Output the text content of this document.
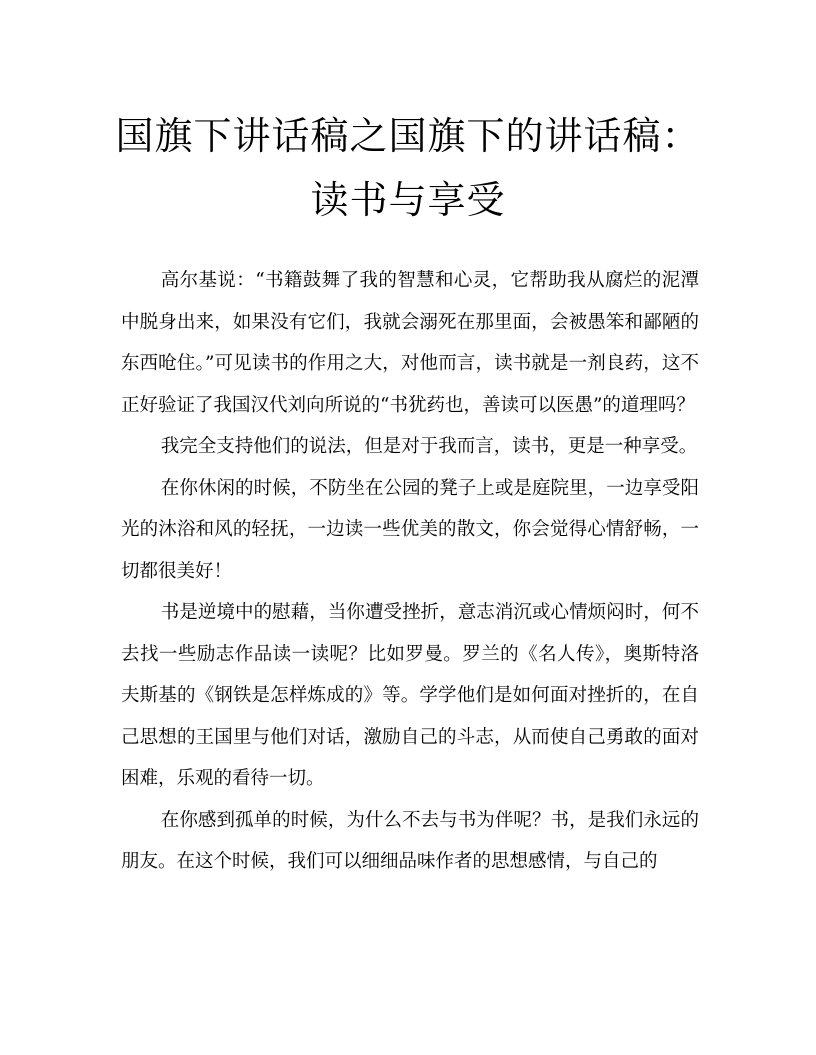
国旗下讲话稿之国旗下的讲话稿：读书与享受

高尔基说：“书籍鼓舞了我的智慧和心灵，它帮助我从腐烂的泥潭中脱身出来，如果没有它们，我就会溺死在那里面，会被愚笨和鄙陋的东西呛住。”可见读书的作用之大，对他而言，读书就是一剂良药，这不正好验证了我国汉代刘向所说的“书犹药也，善读可以医愚”的道理吗？

我完全支持他们的说法，但是对于我而言，读书，更是一种享受。

在你休闲的时候，不防坐在公园的凳子上或是庭院里，一边享受阳光的沐浴和风的轻抚，一边读一些优美的散文，你会觉得心情舒畅，一切都很美好！

书是逆境中的慰藉，当你遭受挫折，意志消沉或心情烦闷时，何不去找一些励志作品读一读呢？比如罗曼。罗兰的《名人传》，奥斯特洛夫斯基的《钢铁是怎样炼成的》等。学学他们是如何面对挫折的，在自己思想的王国里与他们对话，激励自己的斗志，从而使自己勇敢的面对困难，乐观的看待一切。

在你感到孤单的时候，为什么不去与书为伴呢？书，是我们永远的朋友。在这个时候，我们可以细细品味作者的思想感情，与自己的
